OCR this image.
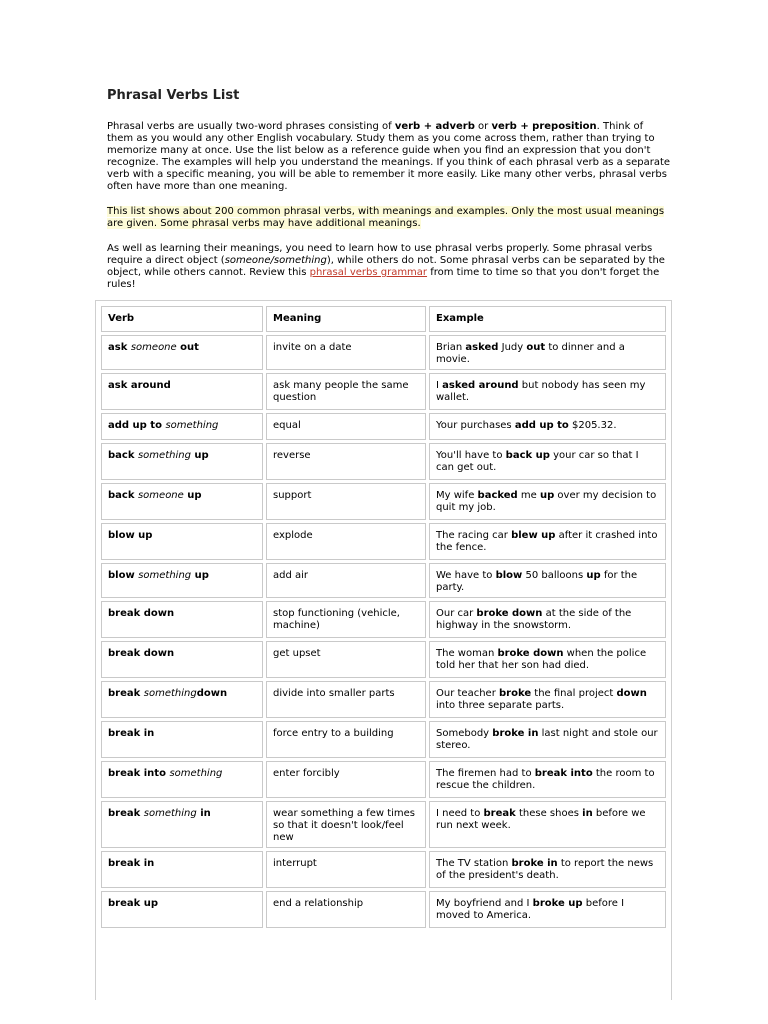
Phrasal Verbs List

Phrasal verbs are usually two-word phrases consisting of verb + adverb or verb + preposition. Think of them as you would any other English vocabulary. Study them as you come across them, rather than trying to memorize many at once. Use the list below as a reference guide when you find an expression that you don't recognize. The examples will help you understand the meanings. If you think of each phrasal verb as a separate verb with a specific meaning, you will be able to remember it more easily. Like many other verbs, phrasal verbs often have more than one meaning.

This list shows about 200 common phrasal verbs, with meanings and examples. Only the most usual meanings are given. Some phrasal verbs may have additional meanings.

As well as learning their meanings, you need to learn how to use phrasal verbs properly. Some phrasal verbs require a direct object (someone/something), while others do not. Some phrasal verbs can be separated by the object, while others cannot. Review this phrasal verbs grammar from time to time so that you don't forget the rules!

Verb	Meaning	Example
ask someone out	invite on a date	Brian asked Judy out to dinner and a movie.
ask around	ask many people the same question	I asked around but nobody has seen my wallet.
add up to something	equal	Your purchases add up to $205.32.
back something up	reverse	You'll have to back up your car so that I can get out.
back someone up	support	My wife backed me up over my decision to quit my job.
blow up	explode	The racing car blew up after it crashed into the fence.
blow something up	add air	We have to blow 50 balloons up for the party.
break down	stop functioning (vehicle, machine)	Our car broke down at the side of the highway in the snowstorm.
break down	get upset	The woman broke down when the police told her that her son had died.
break somethingdown	divide into smaller parts	Our teacher broke the final project down into three separate parts.
break in	force entry to a building	Somebody broke in last night and stole our stereo.
break into something	enter forcibly	The firemen had to break into the room to rescue the children.
break something in	wear something a few times so that it doesn't look/feel new	I need to break these shoes in before we run next week.
break in	interrupt	The TV station broke in to report the news of the president's death.
break up	end a relationship	My boyfriend and I broke up before I moved to America.
